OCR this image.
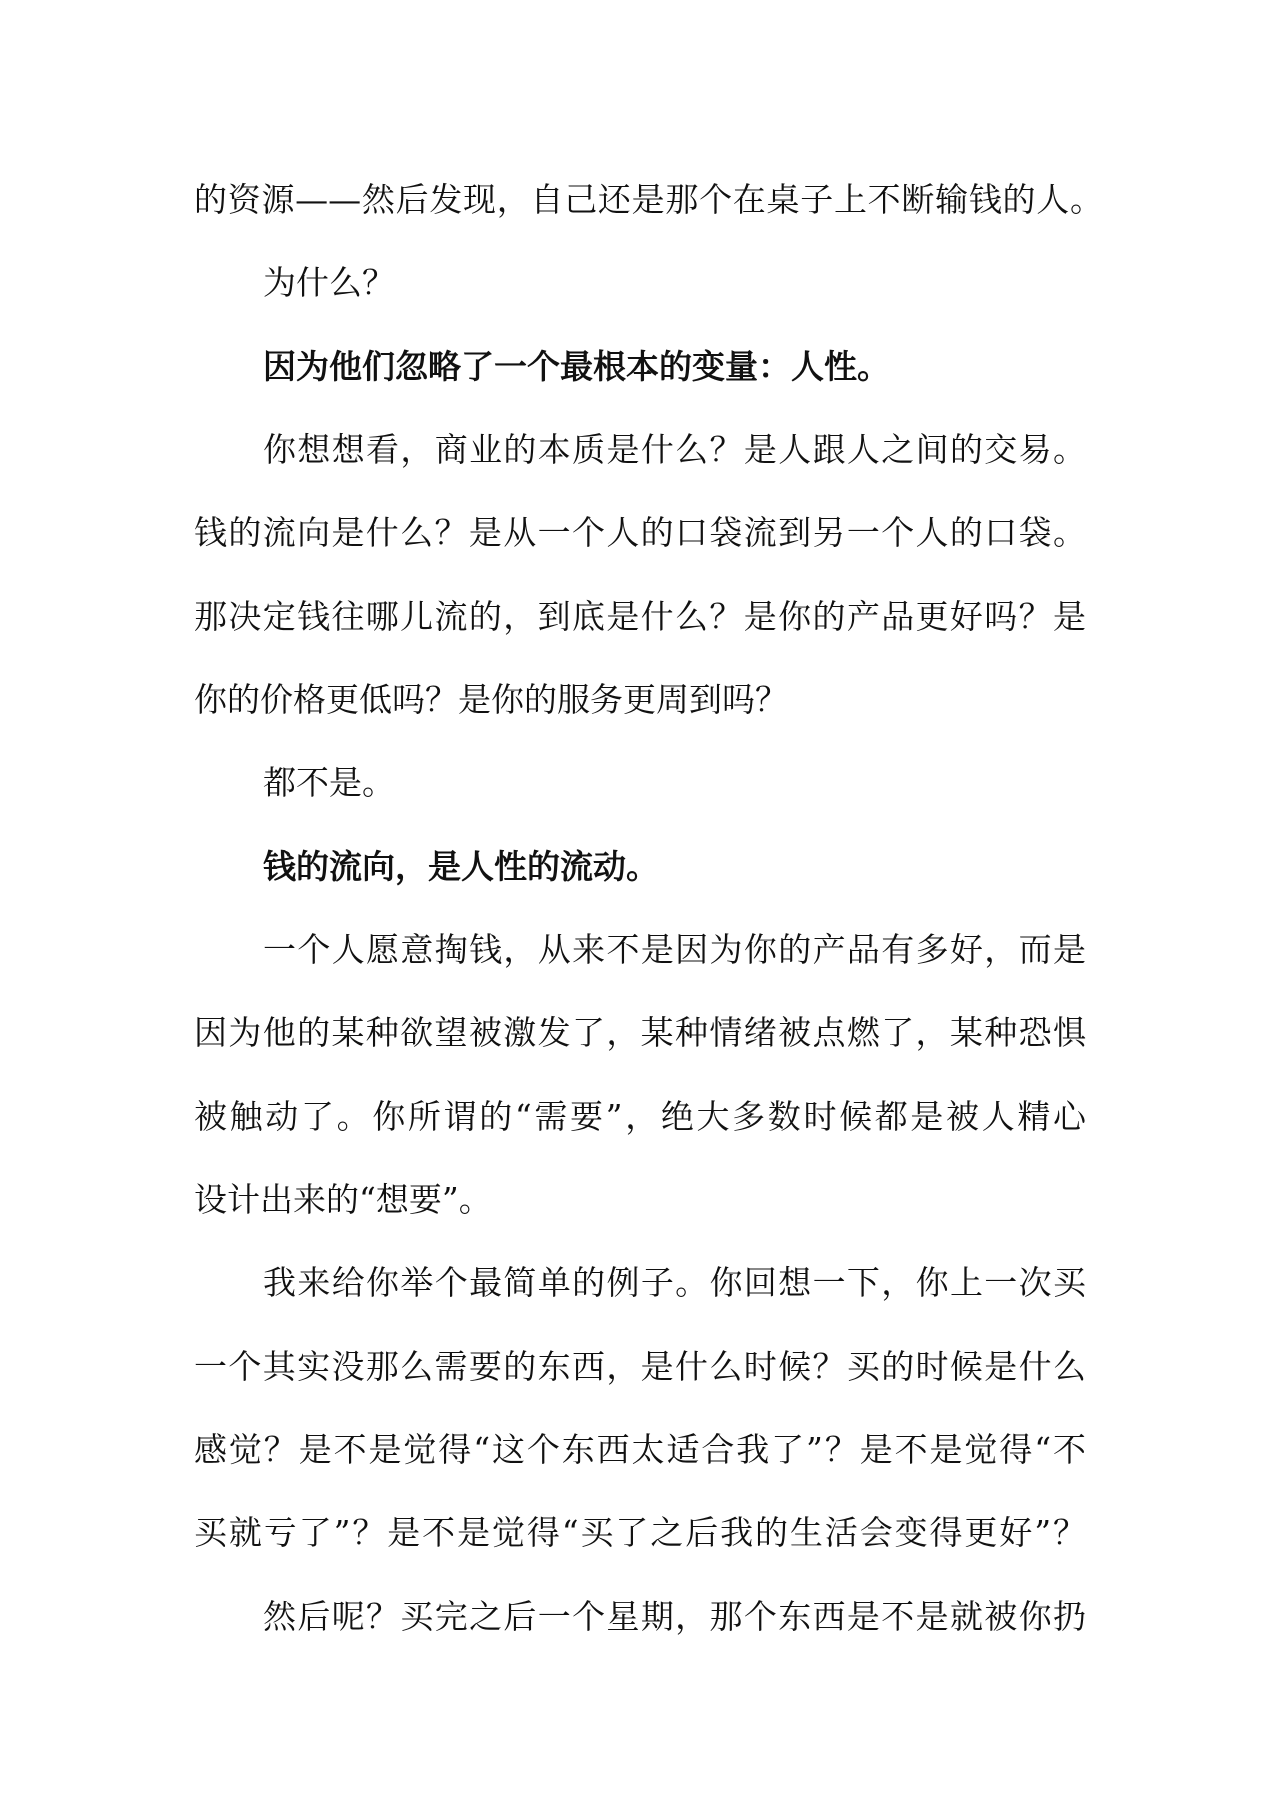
的资源——然后发现，自己还是那个在桌子上不断输钱的人。
为什么？
因为他们忽略了一个最根本的变量：人性。
你想想看，商业的本质是什么？是人跟人之间的交易。
钱的流向是什么？是从一个人的口袋流到另一个人的口袋。
那决定钱往哪儿流的，到底是什么？是你的产品更好吗？是
你的价格更低吗？是你的服务更周到吗？
都不是。
钱的流向，是人性的流动。
一个人愿意掏钱，从来不是因为你的产品有多好，而是
因为他的某种欲望被激发了，某种情绪被点燃了，某种恐惧
被触动了。你所谓的“需要”，绝大多数时候都是被人精心
设计出来的“想要”。
我来给你举个最简单的例子。你回想一下，你上一次买
一个其实没那么需要的东西，是什么时候？买的时候是什么
感觉？是不是觉得“这个东西太适合我了”？是不是觉得“不
买就亏了”？是不是觉得“买了之后我的生活会变得更好”？
然后呢？买完之后一个星期，那个东西是不是就被你扔
